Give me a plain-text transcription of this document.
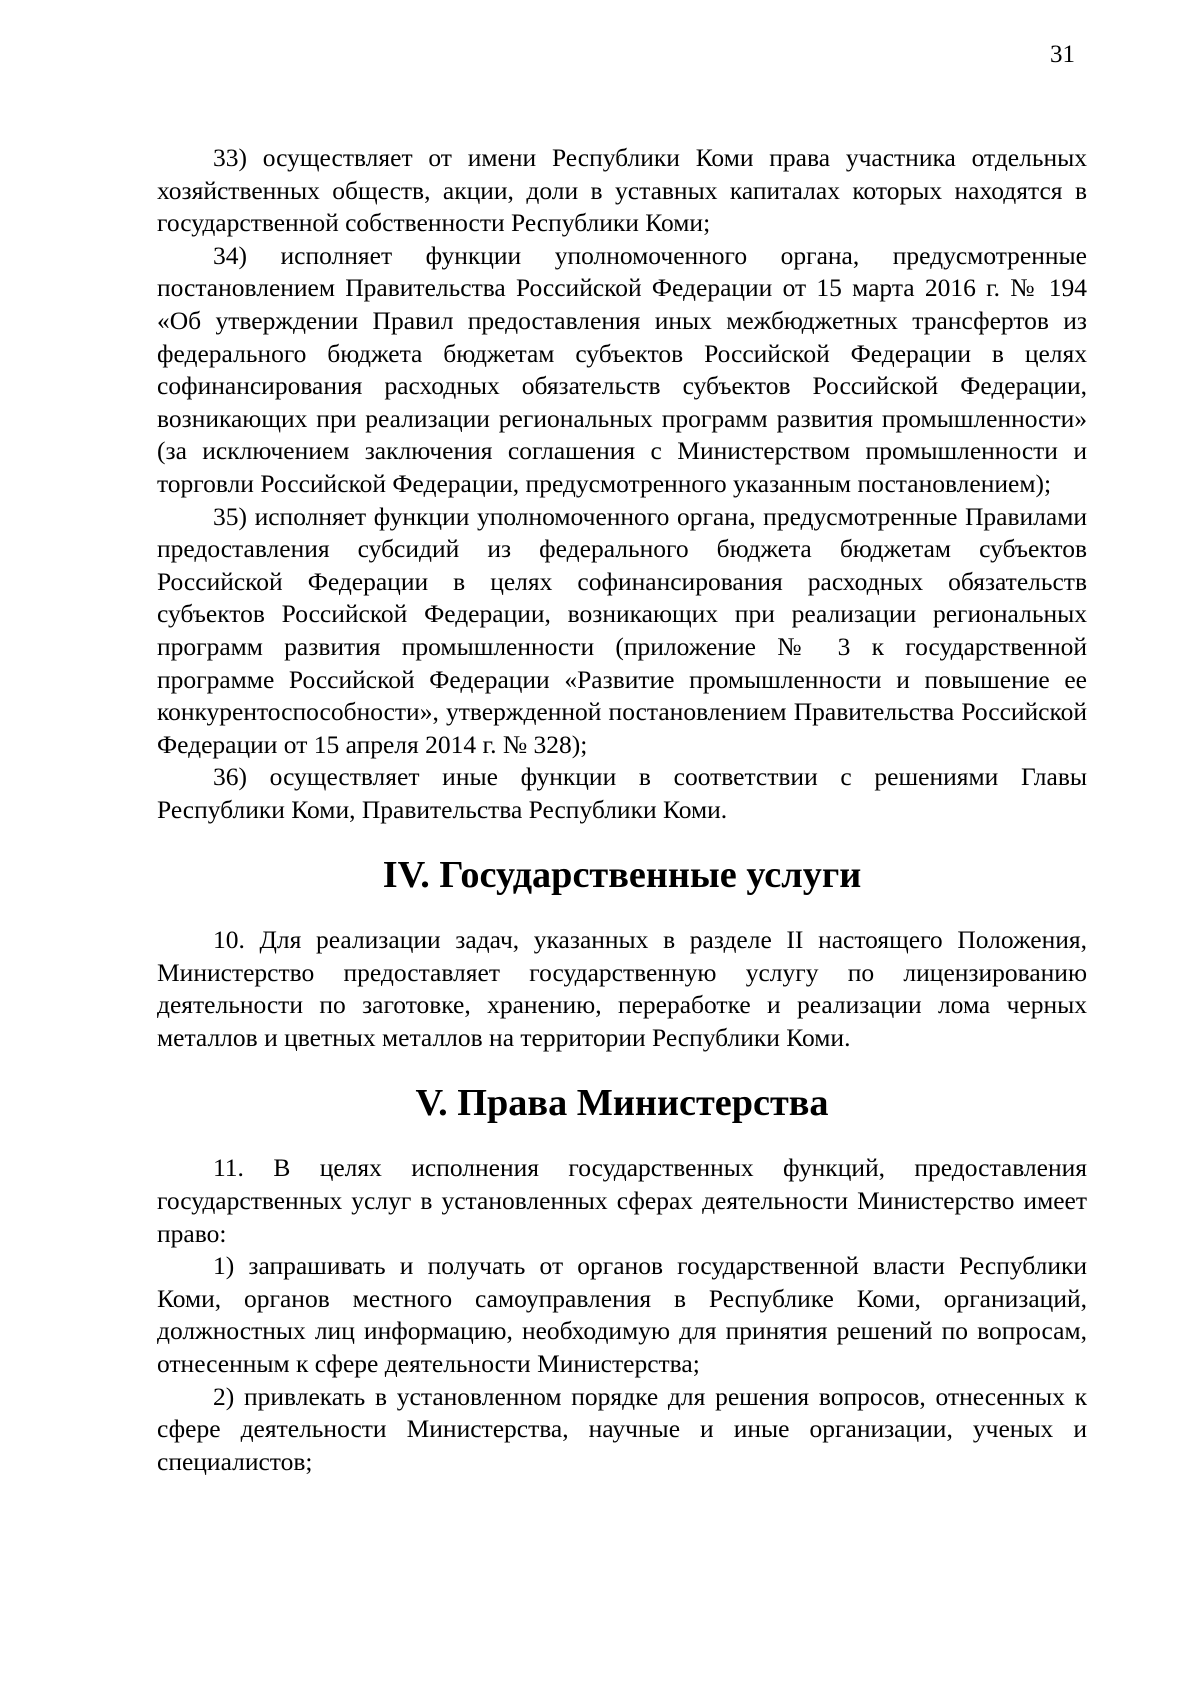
31

33) осуществляет от имени Республики Коми права участника отдельных хозяйственных обществ, акции, доли в уставных капиталах которых находятся в государственной собственности Республики Коми;

34) исполняет функции уполномоченного органа, предусмотренные постановлением Правительства Российской Федерации от 15 марта 2016 г. № 194 «Об утверждении Правил предоставления иных межбюджетных трансфертов из федерального бюджета бюджетам субъектов Российской Федерации в целях софинансирования расходных обязательств субъектов Российской Федерации, возникающих при реализации региональных программ развития промышленности» (за исключением заключения соглашения с Министерством промышленности и торговли Российской Федерации, предусмотренного указанным постановлением);

35) исполняет функции уполномоченного органа, предусмотренные Правилами предоставления субсидий из федерального бюджета бюджетам субъектов Российской Федерации в целях софинансирования расходных обязательств субъектов Российской Федерации, возникающих при реализации региональных программ развития промышленности (приложение № 3 к государственной программе Российской Федерации «Развитие промышленности и повышение ее конкурентоспособности», утвержденной постановлением Правительства Российской Федерации от 15 апреля 2014 г. № 328);

36) осуществляет иные функции в соответствии с решениями Главы Республики Коми, Правительства Республики Коми.

IV. Государственные услуги

10. Для реализации задач, указанных в разделе II настоящего Положения, Министерство предоставляет государственную услугу по лицензированию деятельности по заготовке, хранению, переработке и реализации лома черных металлов и цветных металлов на территории Республики Коми.

V. Права Министерства

11. В целях исполнения государственных функций, предоставления государственных услуг в установленных сферах деятельности Министерство имеет право:

1) запрашивать и получать от органов государственной власти Республики Коми, органов местного самоуправления в Республике Коми, организаций, должностных лиц информацию, необходимую для принятия решений по вопросам, отнесенным к сфере деятельности Министерства;

2) привлекать в установленном порядке для решения вопросов, отнесенных к сфере деятельности Министерства, научные и иные организации, ученых и специалистов;
